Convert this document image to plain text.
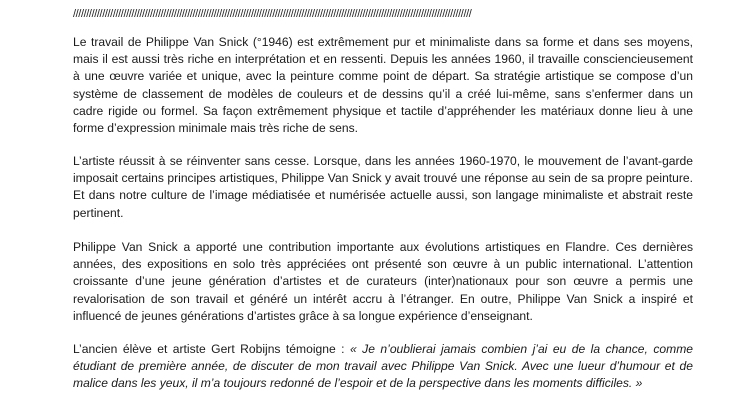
//////////////////////////////////////////////////////////////////////////////////////////////////////////////////////////////////////////////////////

Le travail de Philippe Van Snick (°1946) est extrêmement pur et minimaliste dans sa forme et dans ses moyens, mais il est aussi très riche en interprétation et en ressenti. Depuis les années 1960, il travaille consciencieusement à une œuvre variée et unique, avec la peinture comme point de départ. Sa stratégie artistique se compose d’un système de classement de modèles de couleurs et de dessins qu’il a créé lui-même, sans s’enfermer dans un cadre rigide ou formel. Sa façon extrêmement physique et tactile d’appréhender les matériaux donne lieu à une forme d’expression minimale mais très riche de sens.

L’artiste réussit à se réinventer sans cesse. Lorsque, dans les années 1960-1970, le mouvement de l’avant-garde imposait certains principes artistiques, Philippe Van Snick y avait trouvé une réponse au sein de sa propre peinture. Et dans notre culture de l’image médiatisée et numérisée actuelle aussi, son langage minimaliste et abstrait reste pertinent.

Philippe Van Snick a apporté une contribution importante aux évolutions artistiques en Flandre. Ces dernières années, des expositions en solo très appréciées ont présenté son œuvre à un public international. L’attention croissante d’une jeune génération d’artistes et de curateurs (inter)nationaux pour son œuvre a permis une revalorisation de son travail et généré un intérêt accru à l’étranger. En outre, Philippe Van Snick a inspiré et influencé de jeunes générations d’artistes grâce à sa longue expérience d’enseignant.

L’ancien élève et artiste Gert Robijns témoigne : « Je n’oublierai jamais combien j’ai eu de la chance, comme étudiant de première année, de discuter de mon travail avec Philippe Van Snick. Avec une lueur d’humour et de malice dans les yeux, il m’a toujours redonné de l’espoir et de la perspective dans les moments difficiles. »
